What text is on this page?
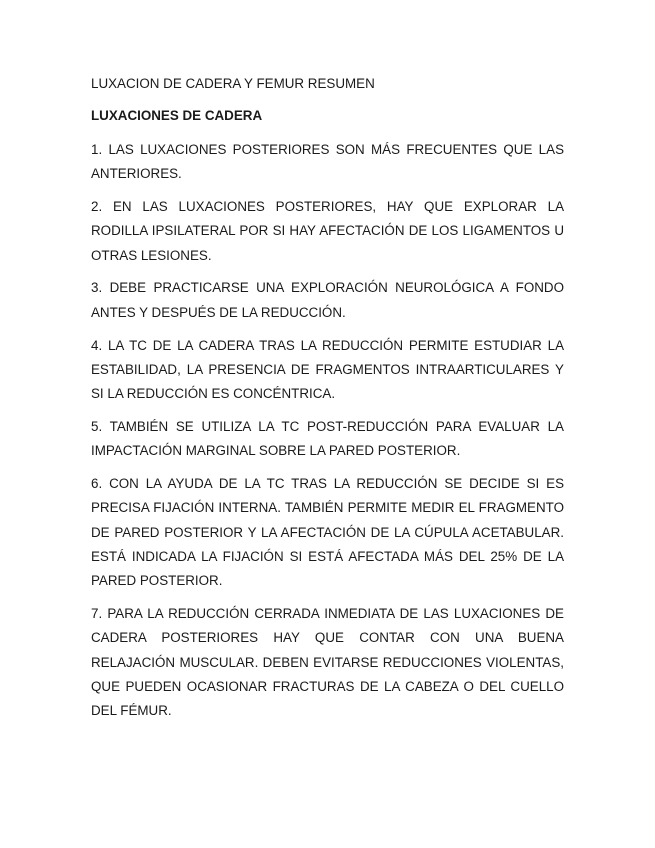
LUXACION DE CADERA Y FEMUR RESUMEN

LUXACIONES DE CADERA

1. LAS LUXACIONES POSTERIORES SON MÁS FRECUENTES QUE LAS ANTERIORES.

2. EN LAS LUXACIONES POSTERIORES, HAY QUE EXPLORAR LA RODILLA IPSILATERAL POR SI HAY AFECTACIÓN DE LOS LIGAMENTOS U OTRAS LESIONES.

3. DEBE PRACTICARSE UNA EXPLORACIÓN NEUROLÓGICA A FONDO ANTES Y DESPUÉS DE LA REDUCCIÓN.

4. LA TC DE LA CADERA TRAS LA REDUCCIÓN PERMITE ESTUDIAR LA ESTABILIDAD, LA PRESENCIA DE FRAGMENTOS INTRAARTICULARES Y SI LA REDUCCIÓN ES CONCÉNTRICA.

5. TAMBIÉN SE UTILIZA LA TC POST-REDUCCIÓN PARA EVALUAR LA IMPACTACIÓN MARGINAL SOBRE LA PARED POSTERIOR.

6. CON LA AYUDA DE LA TC TRAS LA REDUCCIÓN SE DECIDE SI ES PRECISA FIJACIÓN INTERNA. TAMBIÉN PERMITE MEDIR EL FRAGMENTO DE PARED POSTERIOR Y LA AFECTACIÓN DE LA CÚPULA ACETABULAR. ESTÁ INDICADA LA FIJACIÓN SI ESTÁ AFECTADA MÁS DEL 25% DE LA PARED POSTERIOR.

7. PARA LA REDUCCIÓN CERRADA INMEDIATA DE LAS LUXACIONES DE CADERA POSTERIORES HAY QUE CONTAR CON UNA BUENA RELAJACIÓN MUSCULAR. DEBEN EVITARSE REDUCCIONES VIOLENTAS, QUE PUEDEN OCASIONAR FRACTURAS DE LA CABEZA O DEL CUELLO DEL FÉMUR.
